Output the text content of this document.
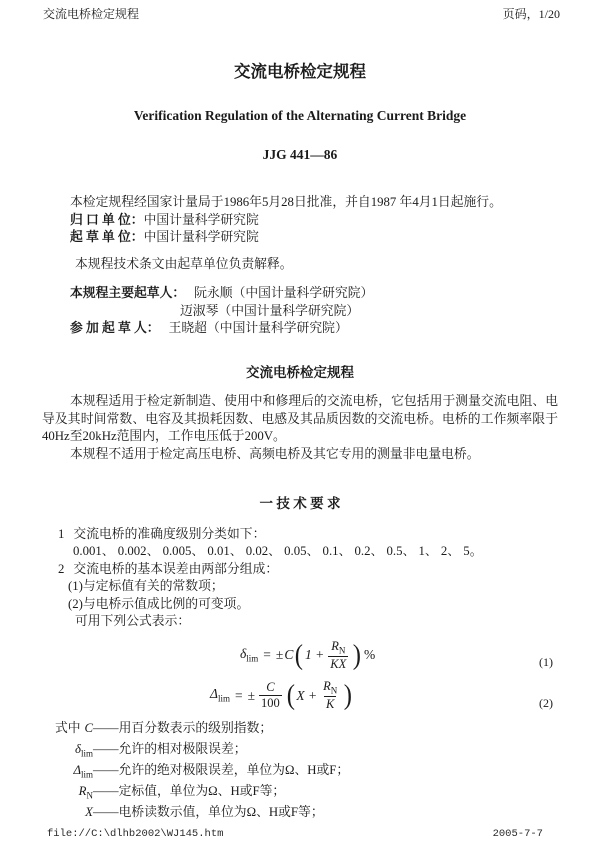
交流电桥检定规程	页码，1/20
交流电桥检定规程
Verification Regulation of the Alternating Current Bridge
JJG 441—86
本检定规程经国家计量局于1986年5月28日批准，并自1987 年4月1日起施行。
归 口 单 位：中国计量科学研究院
起 草 单 位：中国计量科学研究院
本规程技术条文由起草单位负责解释。
本规程主要起草人： 阮永顺（中国计量科学研究院）
迈淑琴（中国计量科学研究院）
参 加 起 草 人： 王晓超（中国计量科学研究院）
交流电桥检定规程
本规程适用于检定新制造、使用中和修理后的交流电桥，它包括用于测量交流电阻、电导及其时间常数、电容及其损耗因数、电感及其品质因数的交流电桥。电桥的工作频率限于40Hz至20kHz范围内，工作电压低于200V。
本规程不适用于检定高压电桥、高频电桥及其它专用的测量非电量电桥。
一 技 术 要 求
1 交流电桥的准确度级别分类如下：
0.001、 0.002、 0.005、 0.01、 0.02、 0.05、 0.1、 0.2、 0.5、 1、 2、 5。
2 交流电桥的基本误差由两部分组成：
(1)与定标值有关的常数项；
(2)与电桥示值成比例的可变项。
可用下列公式表示：
$\delta_{lim}$ = ± C ( $1 + \frac{R_N}{KX}$ ) %	(1)
$\Delta_{lim}$ = ± $\frac{C}{100}$ ( $X + \frac{R_N}{K}$ )	(2)
式中 C —— 用百分数表示的级别指数；
$\delta_{lim}$ —— 允许的相对极限误差；
$\Delta_{lim}$ —— 允许的绝对极限误差，单位为Ω、H或F；
$R_N$ —— 定标值，单位为Ω、H或F等；
X —— 电桥读数示值，单位为Ω、H或F等；
file://C:\dlhb2002\WJ145.htm	2005-7-7
